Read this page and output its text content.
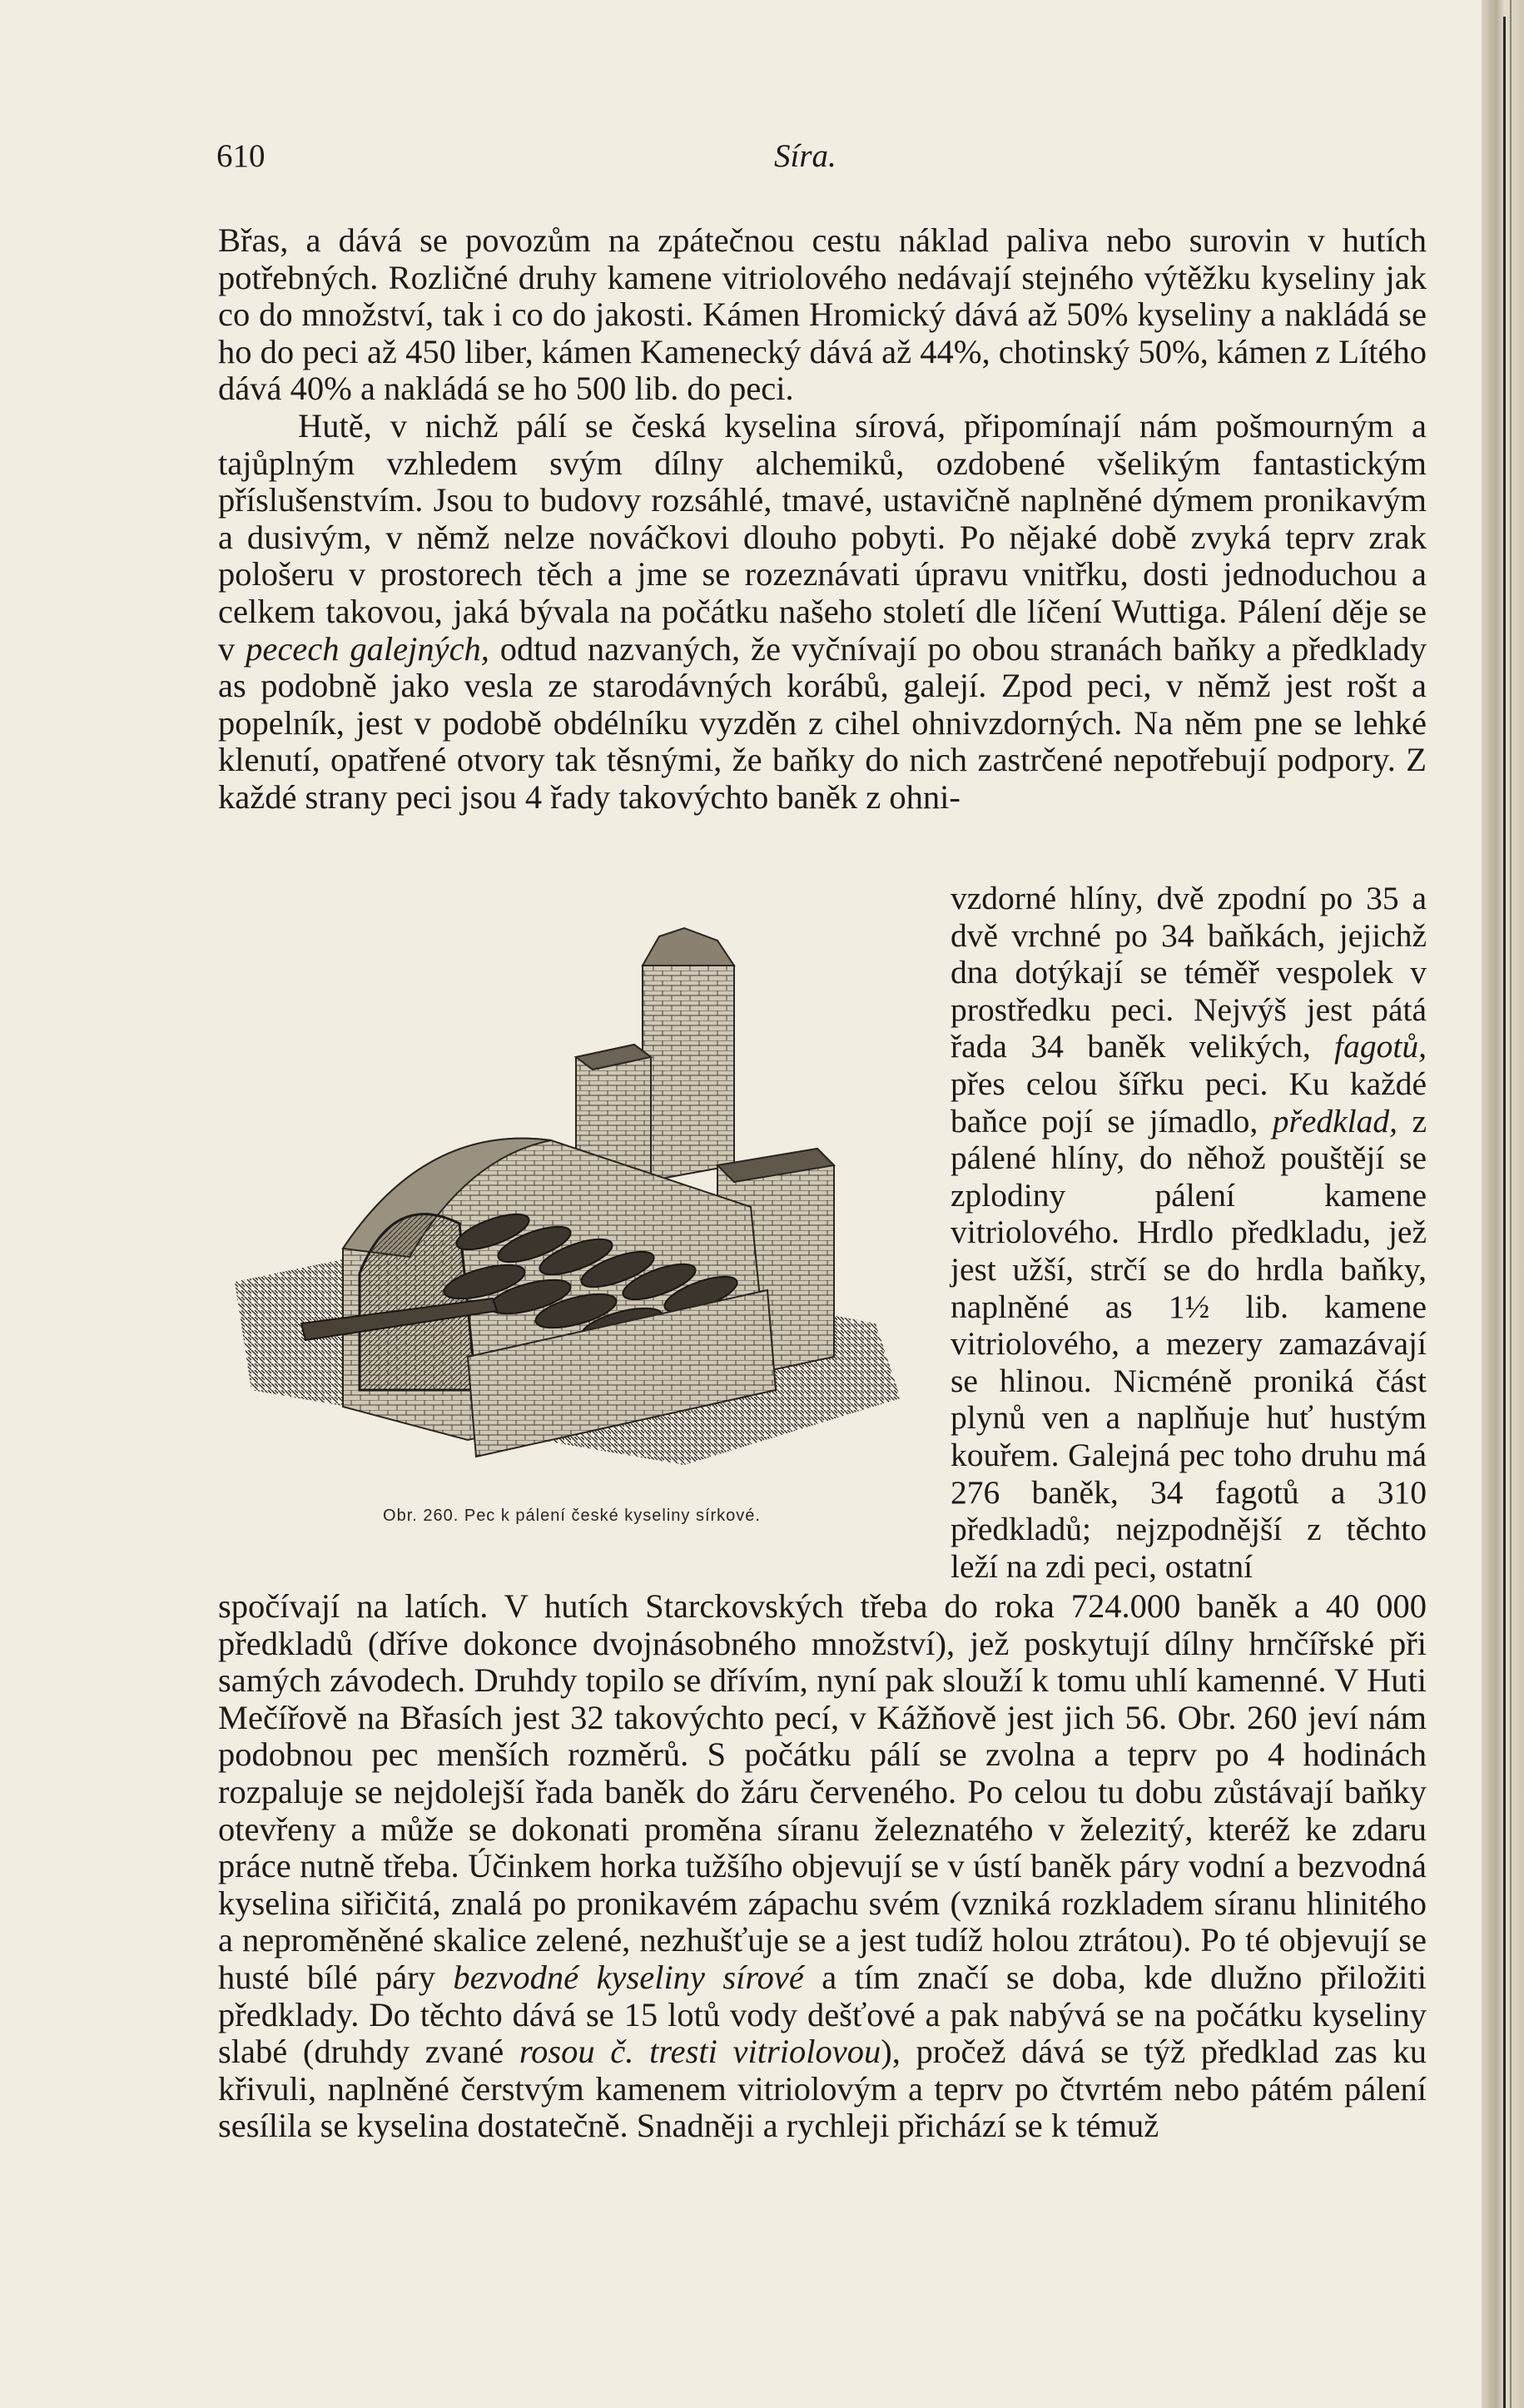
610	Síra.

Břas, a dává se povozům na zpátečnou cestu náklad paliva nebo surovin v hutích potřebných. Rozličné druhy kamene vitriolového nedávají stejného výtěžku kyseliny jak co do množství, tak i co do jakosti. Kámen Hromický dává až 50% kyseliny a nakládá se ho do peci až 450 liber, kámen Kamenecký dává až 44%, chotinský 50%, kámen z Lítého dává 40% a nakládá se ho 500 lib. do peci.

Hutě, v nichž pálí se česká kyselina sírová, připomínají nám pošmourným a tajůplným vzhledem svým dílny alchemiků, ozdobené všelikým fantastickým příslušenstvím. Jsou to budovy rozsáhlé, tmavé, ustavičně naplněné dýmem pronikavým a dusivým, v němž nelze nováčkovi dlouho pobyti. Po nějaké době zvyká teprv zrak pološeru v prostorech těch a jme se rozeznávati úpravu vnitřku, dosti jednoduchou a celkem takovou, jaká bývala na počátku našeho století dle líčení Wuttiga. Pálení děje se v pecech galejných, odtud nazvaných, že vyčnívají po obou stranách baňky a předklady as podobně jako vesla ze starodávných korábů, galejí. Zpod peci, v němž jest rošt a popelník, jest v podobě obdélníku vyzděn z cihel ohnivzdorných. Na něm pne se lehké klenutí, opatřené otvory tak těsnými, že baňky do nich zastrčené nepotřebují podpory. Z každé strany peci jsou 4 řady takovýchto baněk z ohni-

Obr. 260. Pec k pálení české kyseliny sírkové.

vzdorné hlíny, dvě zpodní po 35 a dvě vrchné po 34 baňkách, jejichž dna dotýkají se téměř vespolek v prostředku peci. Nejvýš jest pátá řada 34 baněk velikých, fagotů, přes celou šířku peci. Ku každé baňce pojí se jímadlo, předklad, z pálené hlíny, do něhož pouštějí se zplodiny pálení kamene vitriolového. Hrdlo předkladu, jež jest užší, strčí se do hrdla baňky, naplněné as 1½ lib. kamene vitriolového, a mezery zamazávají se hlinou. Nicméně proniká část plynů ven a naplňuje huť hustým kouřem. Galejná pec toho druhu má 276 baněk, 34 fagotů a 310 předkladů; nejzpodnější z těchto leží na zdi peci, ostatní

spočívají na latích. V hutích Starckovských třeba do roka 724.000 baněk a 40 000 předkladů (dříve dokonce dvojnásobného množství), jež poskytují dílny hrnčířské při samých závodech. Druhdy topilo se dřívím, nyní pak slouží k tomu uhlí kamenné. V Huti Mečířově na Břasích jest 32 takovýchto pecí, v Kážňově jest jich 56. Obr. 260 jeví nám podobnou pec menších rozměrů. S počátku pálí se zvolna a teprv po 4 hodinách rozpaluje se nejdolejší řada baněk do žáru červeného. Po celou tu dobu zůstávají baňky otevřeny a může se dokonati proměna síranu železnatého v železitý, kteréž ke zdaru práce nutně třeba. Účinkem horka tužšího objevují se v ústí baněk páry vodní a bezvodná kyselina siřičitá, znalá po pronikavém zápachu svém (vzniká rozkladem síranu hlinitého a neproměněné skalice zelené, nezhušťuje se a jest tudíž holou ztrátou). Po té objevují se husté bílé páry bezvodné kyseliny sírové a tím značí se doba, kde dlužno přiložiti předklady. Do těchto dává se 15 lotů vody dešťové a pak nabývá se na počátku kyseliny slabé (druhdy zvané rosou č. tresti vitriolovou), pročež dává se týž předklad zas ku křivuli, naplněné čerstvým kamenem vitriolovým a teprv po čtvrtém nebo pátém pálení sesílila se kyselina dostatečně. Snadněji a rychleji přichází se k témuž
